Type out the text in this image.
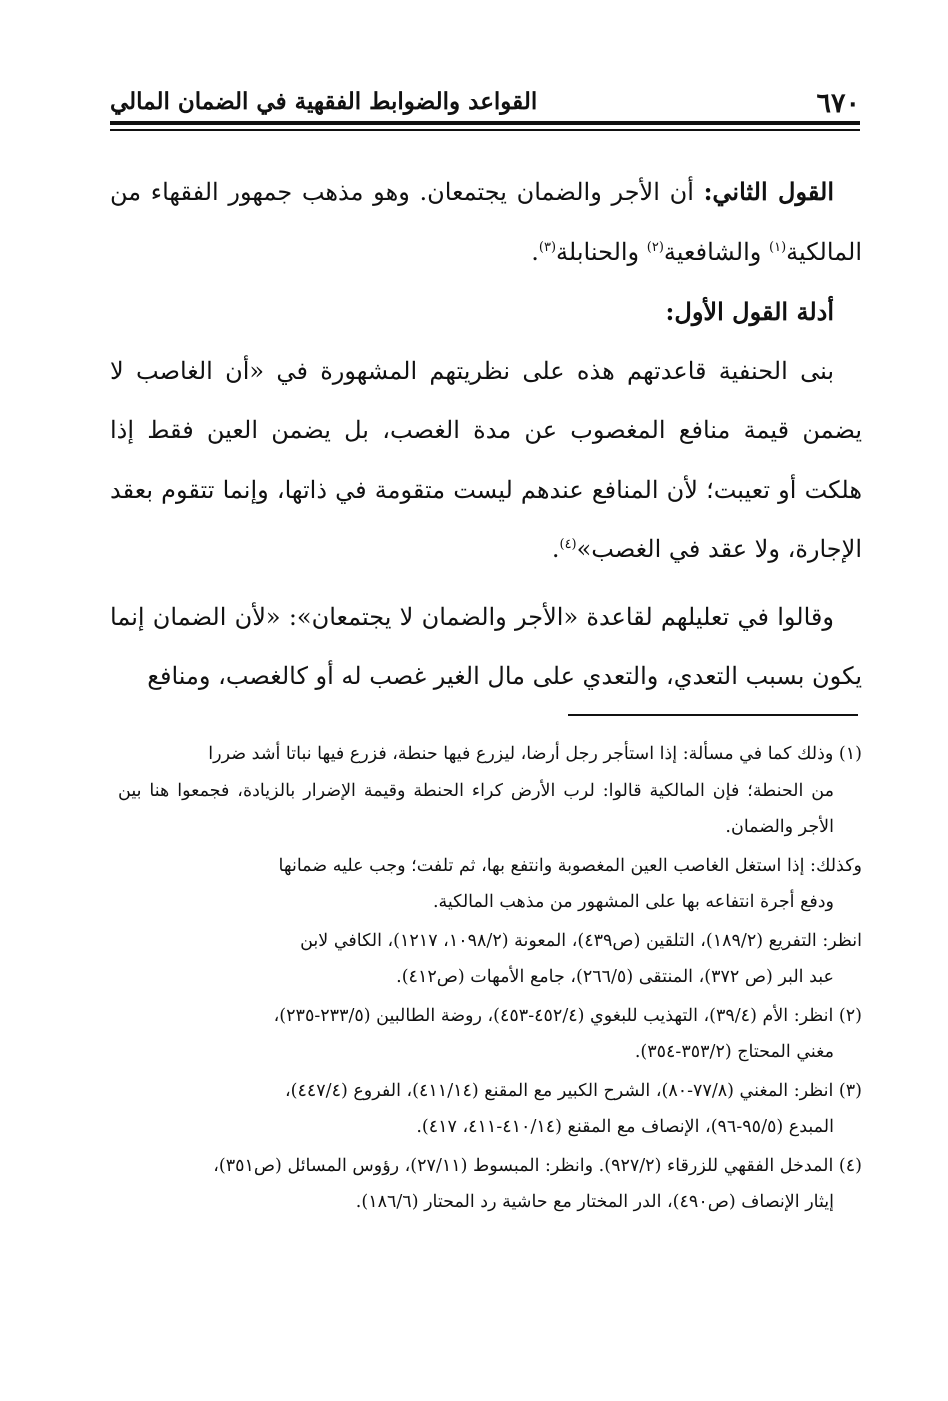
٦٧٠
القواعد والضوابط الفقهية في الضمان المالي

القول الثاني: أن الأجر والضمان يجتمعان. وهو مذهب جمهور الفقهاء من المالكية$^{(١)}$ والشافعية$^{(٢)}$ والحنابلة$^{(٣)}$.

أدلة القول الأول:

بنى الحنفية قاعدتهم هذه على نظريتهم المشهورة في «أن الغاصب لا يضمن قيمة منافع المغصوب عن مدة الغصب، بل يضمن العين فقط إذا هلكت أو تعيبت؛ لأن المنافع عندهم ليست متقومة في ذاتها، وإنما تتقوم بعقد الإجارة، ولا عقد في الغصب»$^{(٤)}$.

وقالوا في تعليلهم لقاعدة «الأجر والضمان لا يجتمعان»: «لأن الضمان إنما يكون بسبب التعدي، والتعدي على مال الغير غصب له أو كالغصب، ومنافع

(١) وذلك كما في مسألة: إذا استأجر رجل أرضا، ليزرع فيها حنطة، فزرع فيها نباتا أشد ضررا
من الحنطة؛ فإن المالكية قالوا: لرب الأرض كراء الحنطة وقيمة الإضرار بالزيادة، فجمعوا هنا بين الأجر والضمان.

وكذلك: إذا استغل الغاصب العين المغصوبة وانتفع بها، ثم تلفت؛ وجب عليه ضمانها
ودفع أجرة انتفاعه بها على المشهور من مذهب المالكية.

انظر: التفريع (١٨٩/٢)، التلقين (ص٤٣٩)، المعونة (١٠٩٨/٢، ١٢١٧)، الكافي لابن
عبد البر (ص ٣٧٢)، المنتقى (٢٦٦/٥)، جامع الأمهات (ص٤١٢).

(٢) انظر: الأم (٣٩/٤)، التهذيب للبغوي (٤٥٢/٤-٤٥٣)، روضة الطالبين (٢٣٣/٥-٢٣٥)،
مغني المحتاج (٣٥٣/٢-٣٥٤).

(٣) انظر: المغني (٧٧/٨-٨٠)، الشرح الكبير مع المقنع (٤١١/١٤)، الفروع (٤٤٧/٤)،
المبدع (٩٥/٥-٩٦)، الإنصاف مع المقنع (٤١٠/١٤-٤١١، ٤١٧).

(٤) المدخل الفقهي للزرقاء (٩٢٧/٢). وانظر: المبسوط (٢٧/١١)، رؤوس المسائل (ص٣٥١)،
إيثار الإنصاف (ص٤٩٠)، الدر المختار مع حاشية رد المحتار (١٨٦/٦).
